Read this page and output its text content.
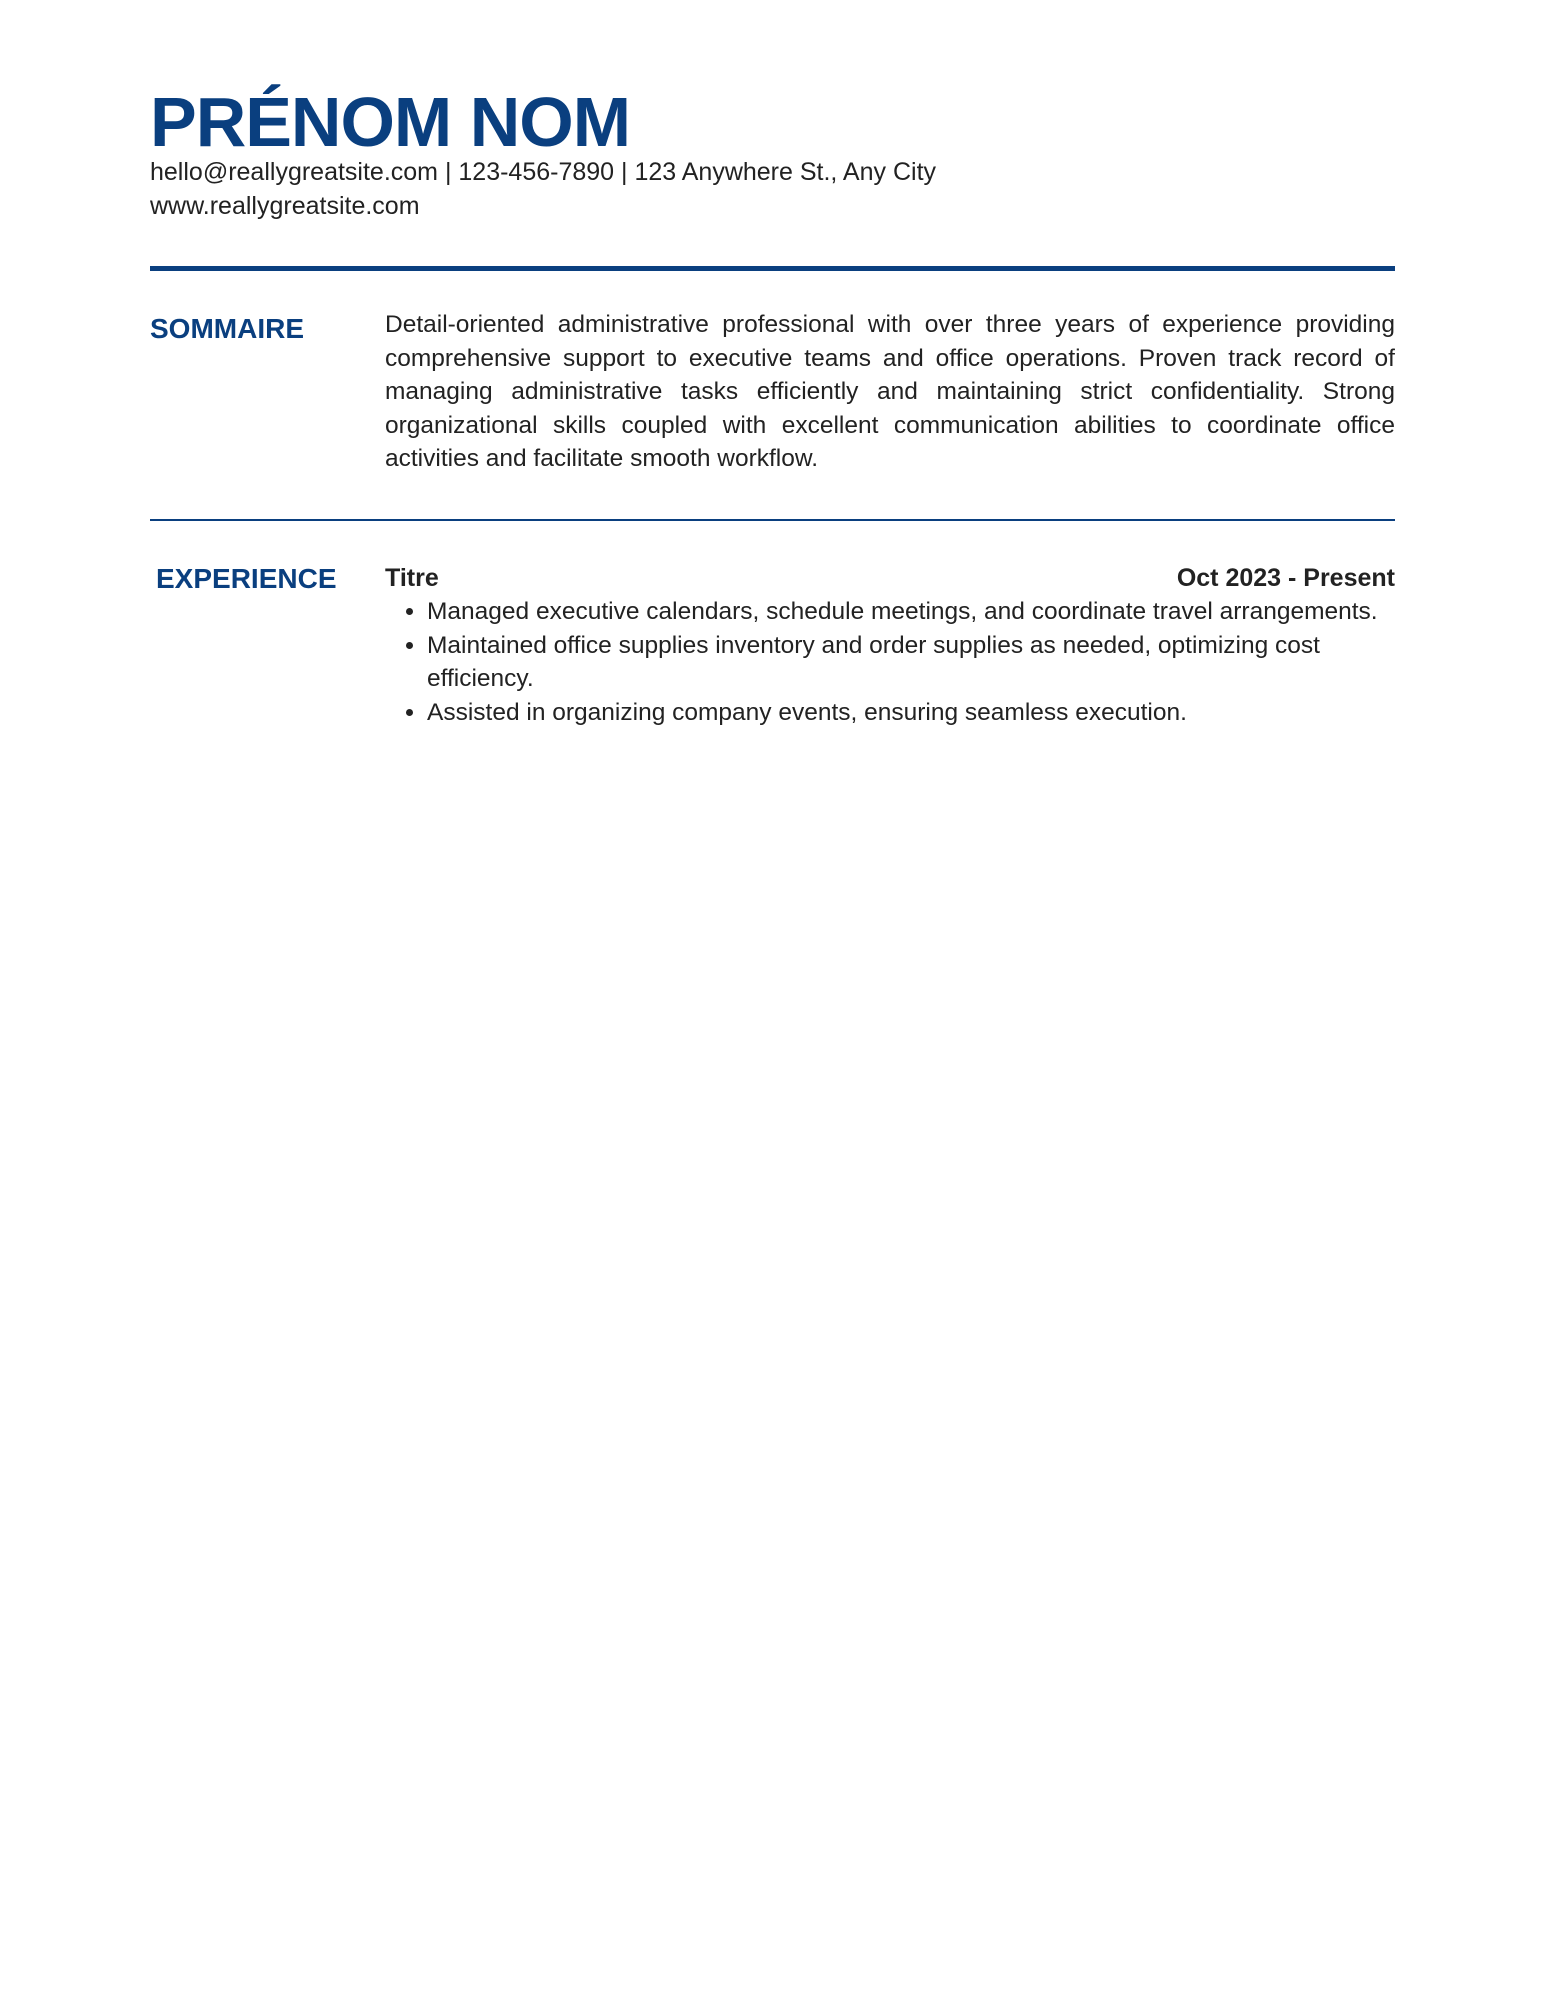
PRÉNOM NOM
hello@reallygreatsite.com | 123-456-7890 | 123 Anywhere St., Any City
www.reallygreatsite.com
SOMMAIRE	Detail-oriented administrative professional with over three years of experience providing comprehensive support to executive teams and office operations. Proven track record of managing administrative tasks efficiently and maintaining strict confidentiality. Strong organizational skills coupled with excellent communication abilities to coordinate office activities and facilitate smooth workflow.

EXPERIENCE Titre	Oct 2023 - Present
• Managed executive calendars, schedule meetings, and coordinate travel arrangements.
• Maintained office supplies inventory and order supplies as needed, optimizing cost efficiency.
• Assisted in organizing company events, ensuring seamless execution.
